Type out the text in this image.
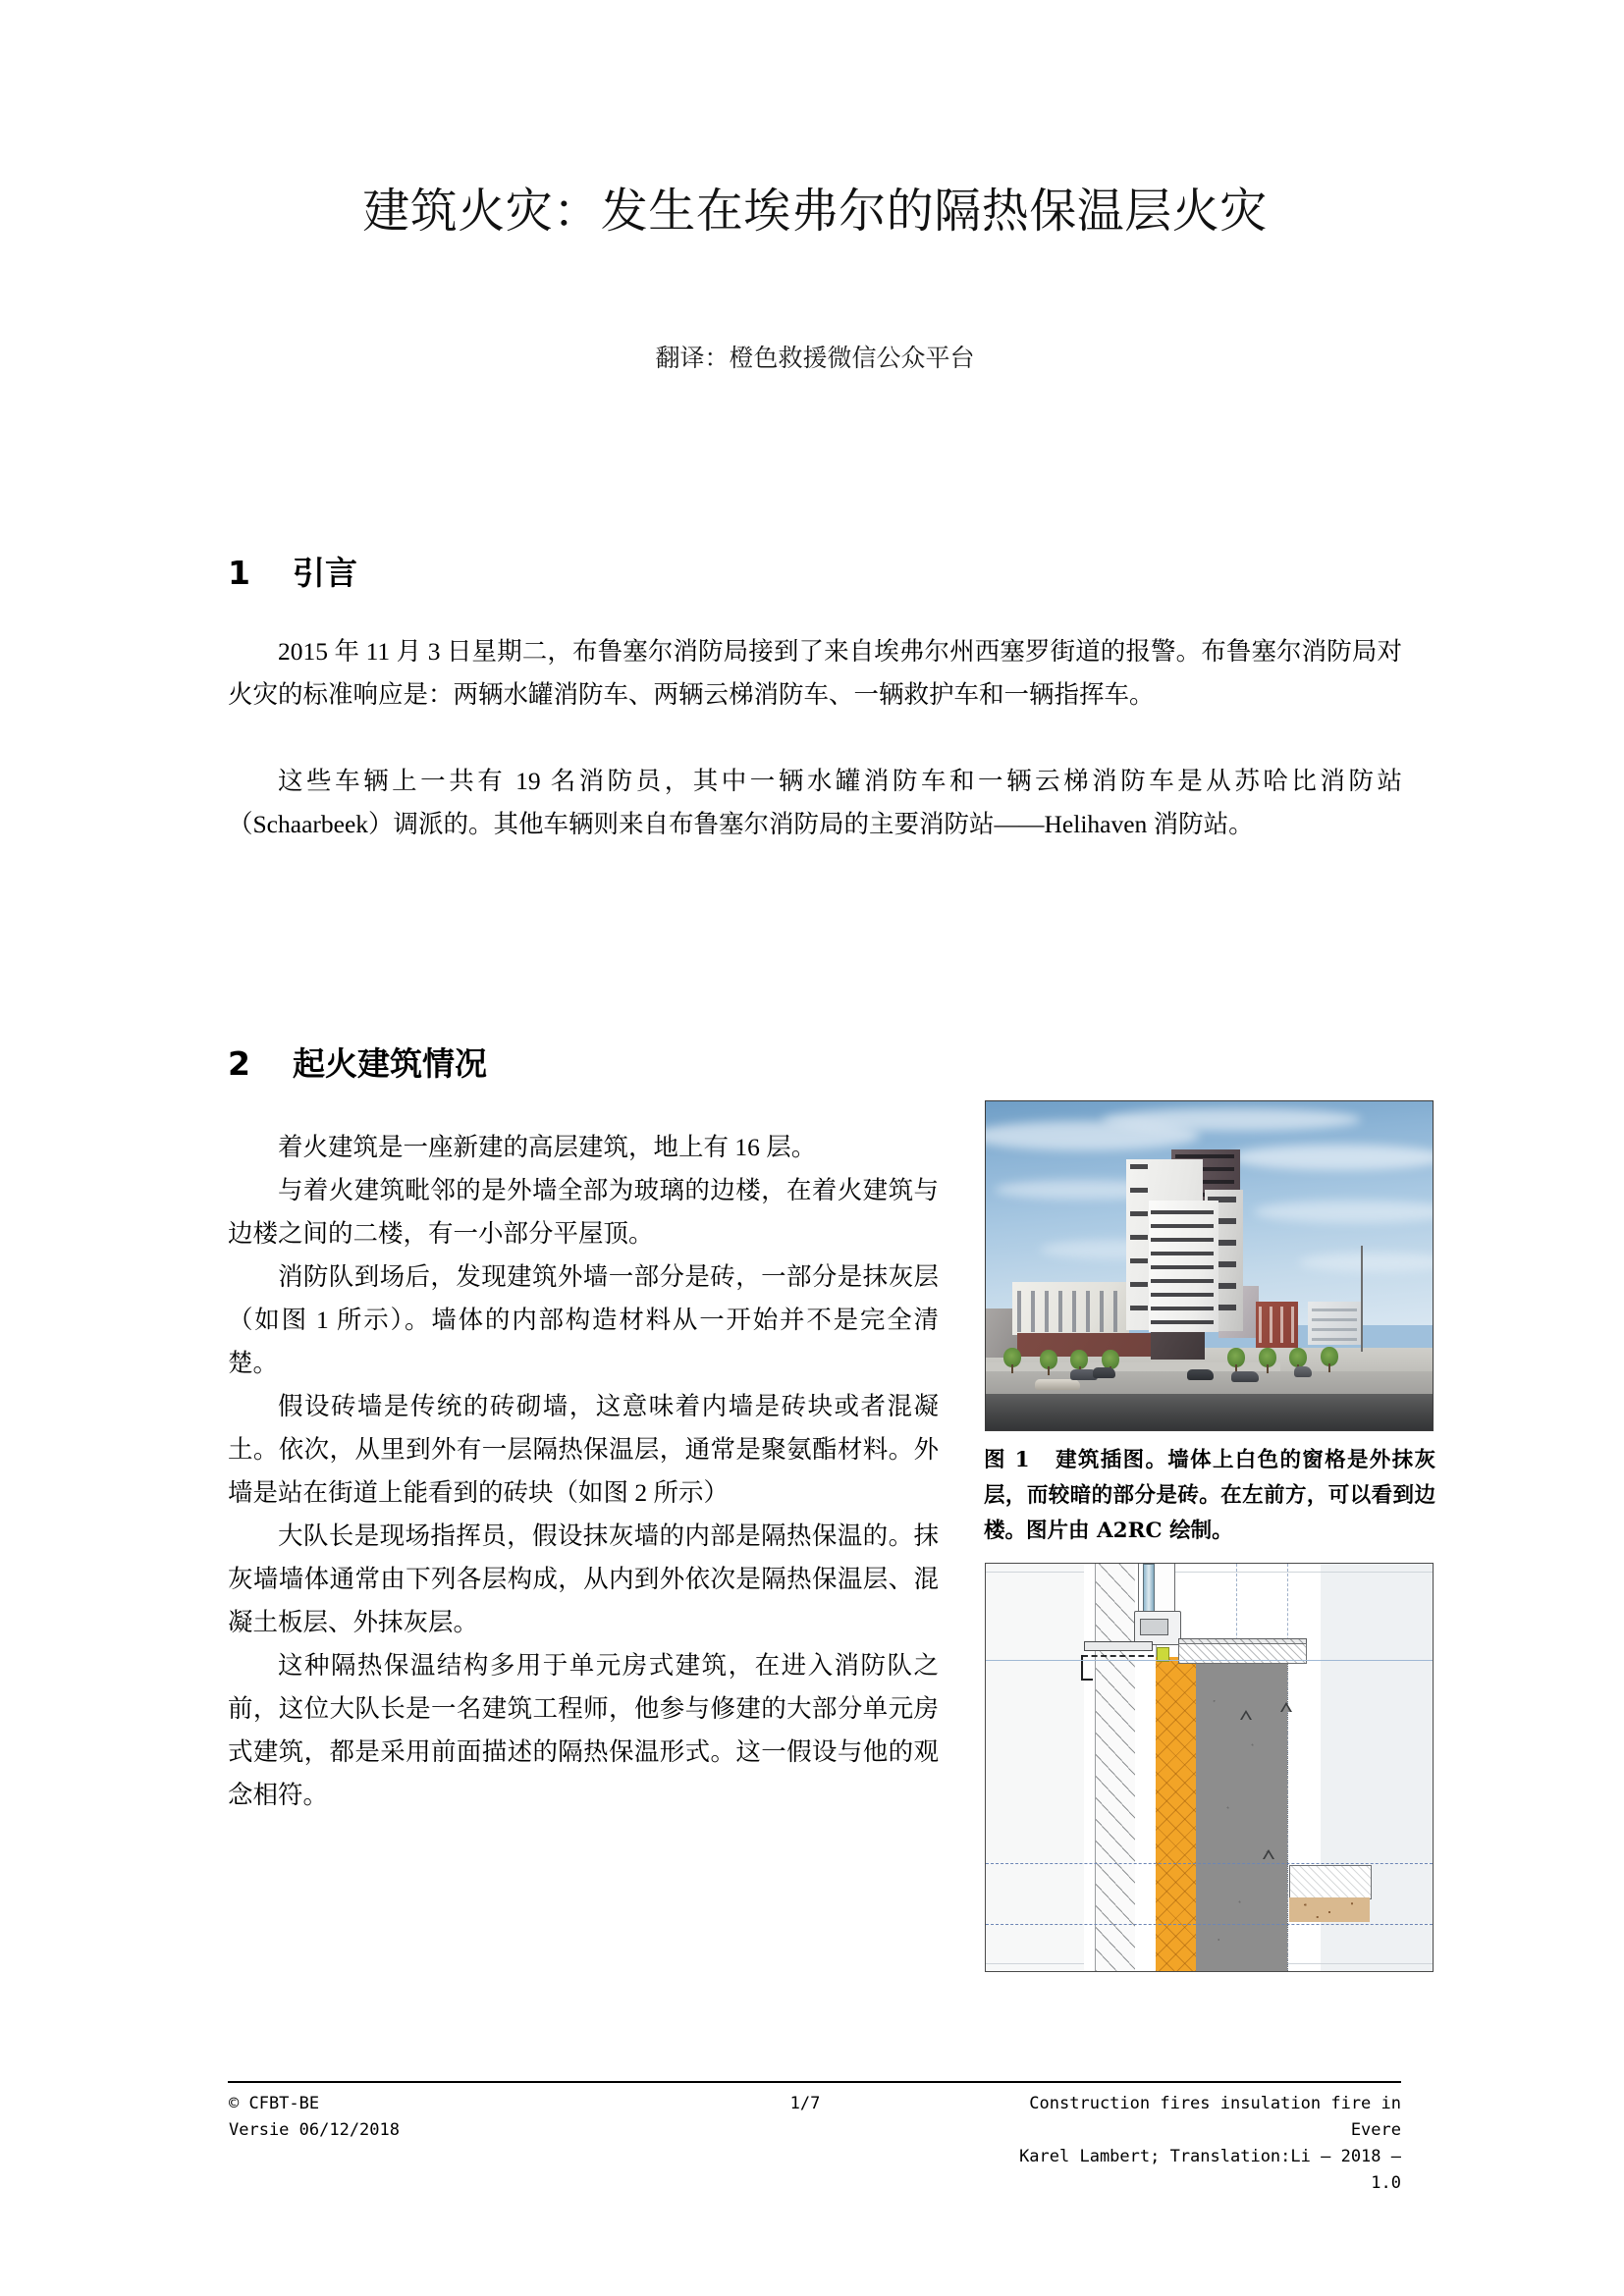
建筑火灾：发生在埃弗尔的隔热保温层火灾
翻译：橙色救援微信公众平台
1 引言

2015 年 11 月 3 日星期二，布鲁塞尔消防局接到了来自埃弗尔州西塞罗街道的报警。布鲁塞尔消防局对火灾的标准响应是：两辆水罐消防车、两辆云梯消防车、一辆救护车和一辆指挥车。

这些车辆上一共有 19 名消防员，其中一辆水罐消防车和一辆云梯消防车是从苏哈比消防站（Schaarbeek）调派的。其他车辆则来自布鲁塞尔消防局的主要消防站——Helihaven 消防站。

2 起火建筑情况

着火建筑是一座新建的高层建筑，地上有 16 层。

与着火建筑毗邻的是外墙全部为玻璃的边楼，在着火建筑与边楼之间的二楼，有一小部分平屋顶。

消防队到场后，发现建筑外墙一部分是砖，一部分是抹灰层（如图 1 所示）。墙体的内部构造材料从一开始并不是完全清楚。

假设砖墙是传统的砖砌墙，这意味着内墙是砖块或者混凝土。依次，从里到外有一层隔热保温层，通常是聚氨酯材料。外墙是站在街道上能看到的砖块（如图 2 所示）

大队长是现场指挥员，假设抹灰墙的内部是隔热保温的。抹灰墙墙体通常由下列各层构成，从内到外依次是隔热保温层、混凝土板层、外抹灰层。

这种隔热保温结构多用于单元房式建筑，在进入消防队之前，这位大队长是一名建筑工程师，他参与修建的大部分单元房式建筑，都是采用前面描述的隔热保温形式。这一假设与他的观念相符。

图 1 建筑插图。墙体上白色的窗格是外抹灰层，而较暗的部分是砖。在左前方，可以看到边楼。图片由 A2RC 绘制。
© CFBT-BE
Versie 06/12/2018
1/7	Construction fires insulation fire in Evere
Karel Lambert; Translation:Li – 2018 – 1.0
